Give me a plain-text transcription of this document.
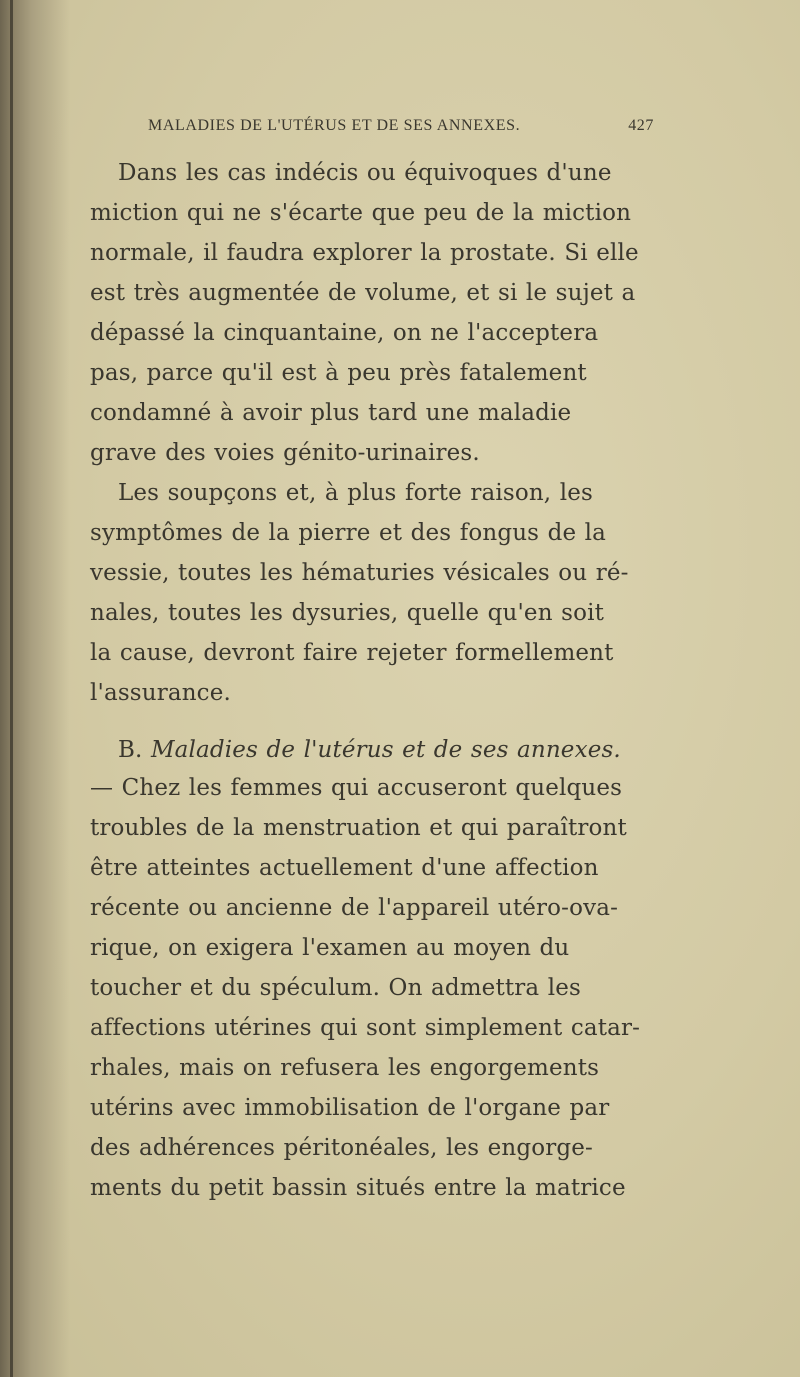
MALADIES DE L'UTÉRUS ET DE SES ANNEXES.	427
Dans les cas indécis ou équivoques d'une
miction qui ne s'écarte que peu de la miction
normale, il faudra explorer la prostate. Si elle
est très augmentée de volume, et si le sujet a
dépassé la cinquantaine, on ne l'acceptera
pas, parce qu'il est à peu près fatalement
condamné à avoir plus tard une maladie
grave des voies génito-urinaires.
Les soupçons et, à plus forte raison, les
symptômes de la pierre et des fongus de la
vessie, toutes les hématuries vésicales ou ré-
nales, toutes les dysuries, quelle qu'en soit
la cause, devront faire rejeter formellement
l'assurance.
B. Maladies de l'utérus et de ses annexes.
— Chez les femmes qui accuseront quelques
troubles de la menstruation et qui paraîtront
être atteintes actuellement d'une affection
récente ou ancienne de l'appareil utéro-ova-
rique, on exigera l'examen au moyen du
toucher et du spéculum. On admettra les
affections utérines qui sont simplement catar-
rhales, mais on refusera les engorgements
utérins avec immobilisation de l'organe par
des adhérences péritonéales, les engorge-
ments du petit bassin situés entre la matrice
